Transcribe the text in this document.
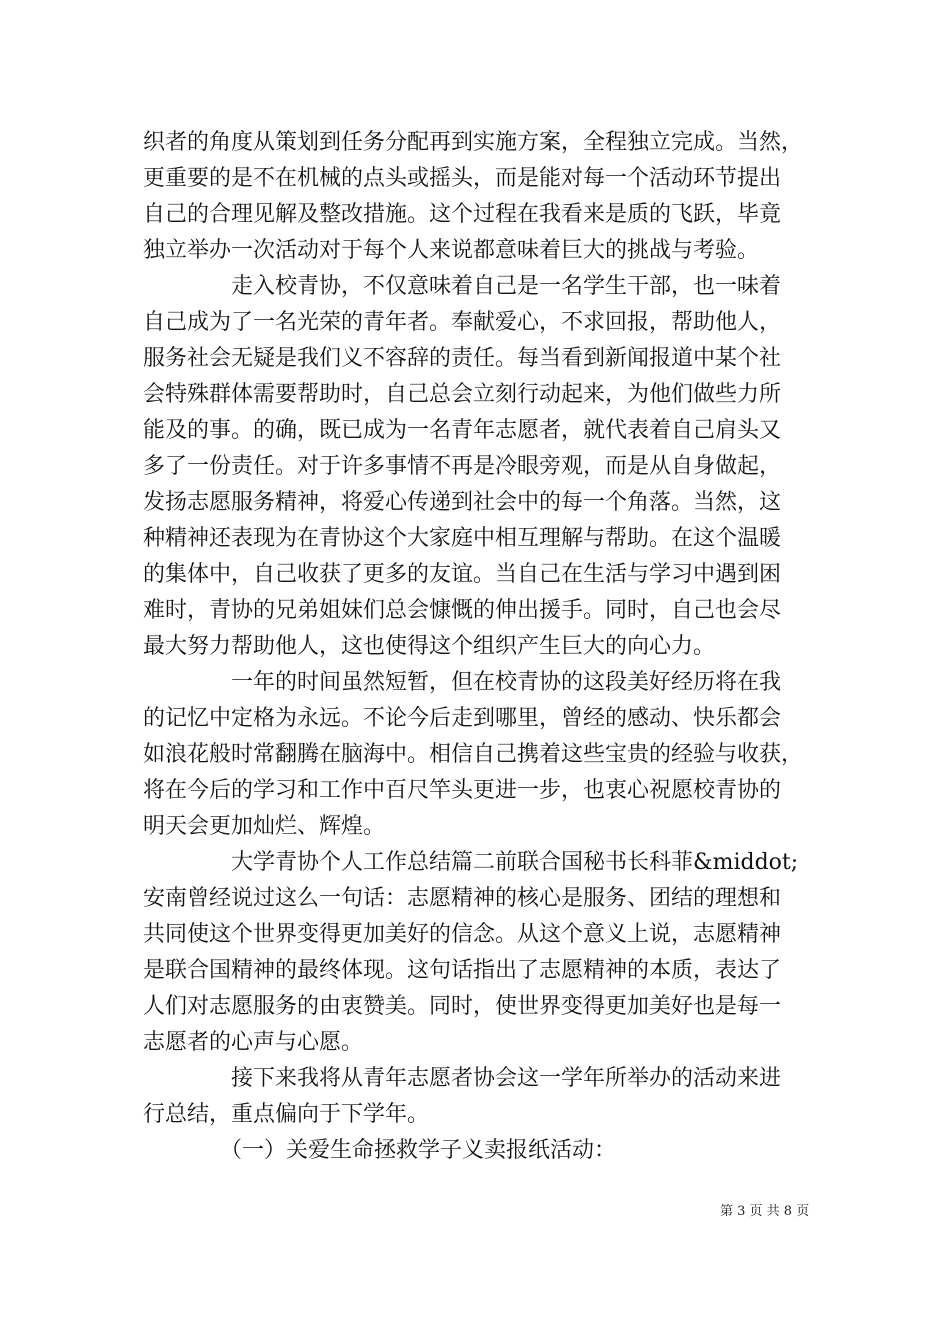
织者的角度从策划到任务分配再到实施方案，全程独立完成。当然，
更重要的是不在机械的点头或摇头，而是能对每一个活动环节提出
自己的合理见解及整改措施。这个过程在我看来是质的飞跃，毕竟
独立举办一次活动对于每个人来说都意味着巨大的挑战与考验。
　　　　走入校青协，不仅意味着自己是一名学生干部，也一味着
自己成为了一名光荣的青年者。奉献爱心，不求回报，帮助他人，
服务社会无疑是我们义不容辞的责任。每当看到新闻报道中某个社
会特殊群体需要帮助时，自己总会立刻行动起来，为他们做些力所
能及的事。的确，既已成为一名青年志愿者，就代表着自己肩头又
多了一份责任。对于许多事情不再是冷眼旁观，而是从自身做起，
发扬志愿服务精神，将爱心传递到社会中的每一个角落。当然，这
种精神还表现为在青协这个大家庭中相互理解与帮助。在这个温暖
的集体中，自己收获了更多的友谊。当自己在生活与学习中遇到困
难时，青协的兄弟姐妹们总会慷慨的伸出援手。同时，自己也会尽
最大努力帮助他人，这也使得这个组织产生巨大的向心力。
　　　　一年的时间虽然短暂，但在校青协的这段美好经历将在我
的记忆中定格为永远。不论今后走到哪里，曾经的感动、快乐都会
如浪花般时常翻腾在脑海中。相信自己携着这些宝贵的经验与收获，
将在今后的学习和工作中百尺竿头更进一步，也衷心祝愿校青协的
明天会更加灿烂、辉煌。
　　　　大学青协个人工作总结篇二前联合国秘书长科菲&middot;
安南曾经说过这么一句话：志愿精神的核心是服务、团结的理想和
共同使这个世界变得更加美好的信念。从这个意义上说，志愿精神
是联合国精神的最终体现。这句话指出了志愿精神的本质，表达了
人们对志愿服务的由衷赞美。同时，使世界变得更加美好也是每一
志愿者的心声与心愿。
　　　　接下来我将从青年志愿者协会这一学年所举办的活动来进
行总结，重点偏向于下学年。
　　　　（一）关爱生命拯救学子义卖报纸活动：
第 3 页 共 8 页
